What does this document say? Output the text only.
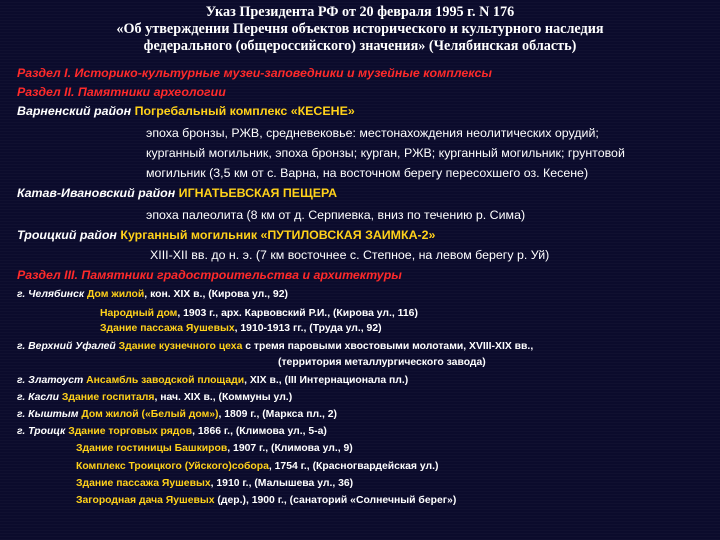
Указ Президента РФ от 20 февраля 1995 г. N 176
«Об утверждении Перечня объектов исторического и культурного наследия
федерального (общероссийского) значения» (Челябинская область)
Раздел I. Историко-культурные музеи-заповедники и музейные комплексы
Раздел II. Памятники археологии
Варненский район Погребальный комплекс «КЕСЕНЕ»
эпоха бронзы, РЖВ, средневековье: местонахождения неолитических орудий;
курганный могильник, эпоха бронзы; курган, РЖВ; курганный могильник; грунтовой
могильник (3,5 км от с. Варна, на восточном берегу пересохшего оз. Кесене)
Катав-Ивановский район ИГНАТЬЕВСКАЯ ПЕЩЕРА
эпоха палеолита (8 км от д. Серпиевка, вниз по течению р. Сима)
Троицкий район Курганный могильник «ПУТИЛОВСКАЯ ЗАИМКА-2»
XIII-XII вв. до н. э. (7 км восточнее с. Степное, на левом берегу р. Уй)
Раздел III. Памятники градостроительства и архитектуры
г. Челябинск Дом жилой, кон. XIX в., (Кирова ул., 92)
Народный дом, 1903 г., арх. Карвовский Р.И., (Кирова ул., 116)
Здание пассажа Яушевых, 1910-1913 гг., (Труда ул., 92)
г. Верхний Уфалей Здание кузнечного цеха с тремя паровыми хвостовыми молотами, XVIII-XIX вв.,
(территория металлургического завода)
г. Златоуст Ансамбль заводской площади, XIX в., (III Интернационала пл.)
г. Касли Здание госпиталя, нач. XIX в., (Коммуны ул.)
г. Кыштым Дом жилой («Белый дом»), 1809 г., (Маркса пл., 2)
г. Троицк Здание торговых рядов, 1866 г., (Климова ул., 5-а)
Здание гостиницы Башкиров, 1907 г., (Климова ул., 9)
Комплекс Троицкого (Уйского)собора, 1754 г., (Красногвардейская ул.)
Здание пассажа Яушевых, 1910 г., (Малышева ул., 36)
Загородная дача Яушевых (дер.), 1900 г., (санаторий «Солнечный берег»)
